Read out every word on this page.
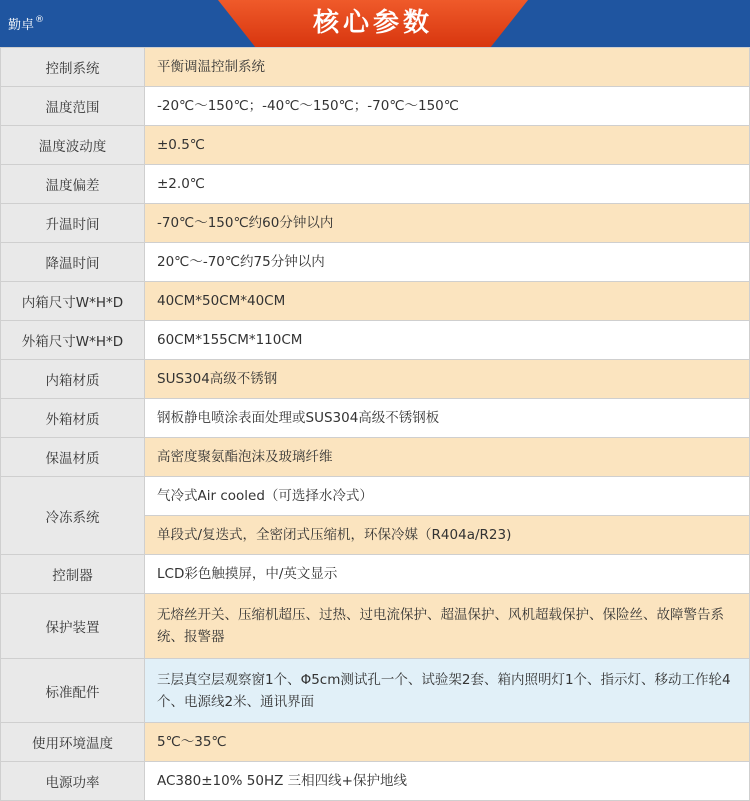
勤卓®	核心参数
控制系统	平衡调温控制系统
温度范围	-20℃～150℃；-40℃～150℃；-70℃～150℃
温度波动度	±0.5℃
温度偏差	±2.0℃
升温时间	-70℃～150℃约60分钟以内
降温时间	20℃～-70℃约75分钟以内
内箱尺寸W*H*D	40CM*50CM*40CM
外箱尺寸W*H*D	60CM*155CM*110CM
内箱材质	SUS304高级不锈钢
外箱材质	钢板静电喷涂表面处理或SUS304高级不锈钢板
保温材质	高密度聚氨酯泡沫及玻璃纤维
冷冻系统	气冷式Air cooled（可选择水冷式）
	单段式/复迭式，全密闭式压缩机，环保冷媒（R404a/R23)
控制器	LCD彩色触摸屏，中/英文显示
保护装置	无熔丝开关、压缩机超压、过热、过电流保护、超温保护、风机超载保护、保险丝、故障警告系统、报警器
标准配件	三层真空层观察窗1个、Φ5cm测试孔一个、试验架2套、箱内照明灯1个、指示灯、移动工作轮4个、电源线2米、通讯界面
使用环境温度	5℃～35℃
电源功率	AC380±10% 50HZ 三相四线+保护地线
